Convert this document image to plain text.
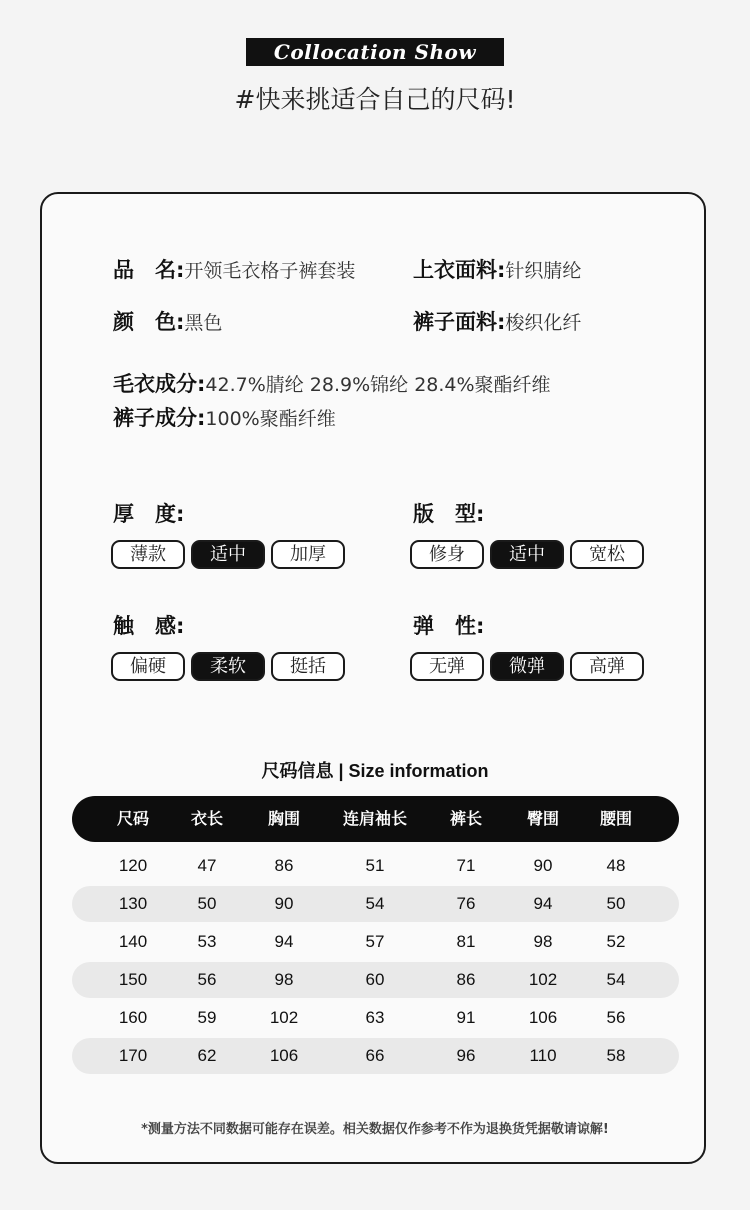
Collocation Show
#快来挑适合自己的尺码!
品 名:开领毛衣格子裤套装	上衣面料:针织腈纶
颜 色:黑色	裤子面料:梭织化纤
毛衣成分:42.7%腈纶 28.9%锦纶 28.4%聚酯纤维
裤子成分:100%聚酯纤维
厚 度:
薄款	适中	加厚
版 型:
修身	适中	宽松
触 感:
偏硬	柔软	挺括
弹 性:
无弹	微弹	高弹
尺码信息 | Size information
尺码	衣长	胸围	连肩袖长	裤长	臀围	腰围
120	47	86	51	71	90	48
130	50	90	54	76	94	50
140	53	94	57	81	98	52
150	56	98	60	86	102	54
160	59	102	63	91	106	56
170	62	106	66	96	110	58
*测量方法不同数据可能存在误差。相关数据仅作参考不作为退换货凭据敬请谅解!
